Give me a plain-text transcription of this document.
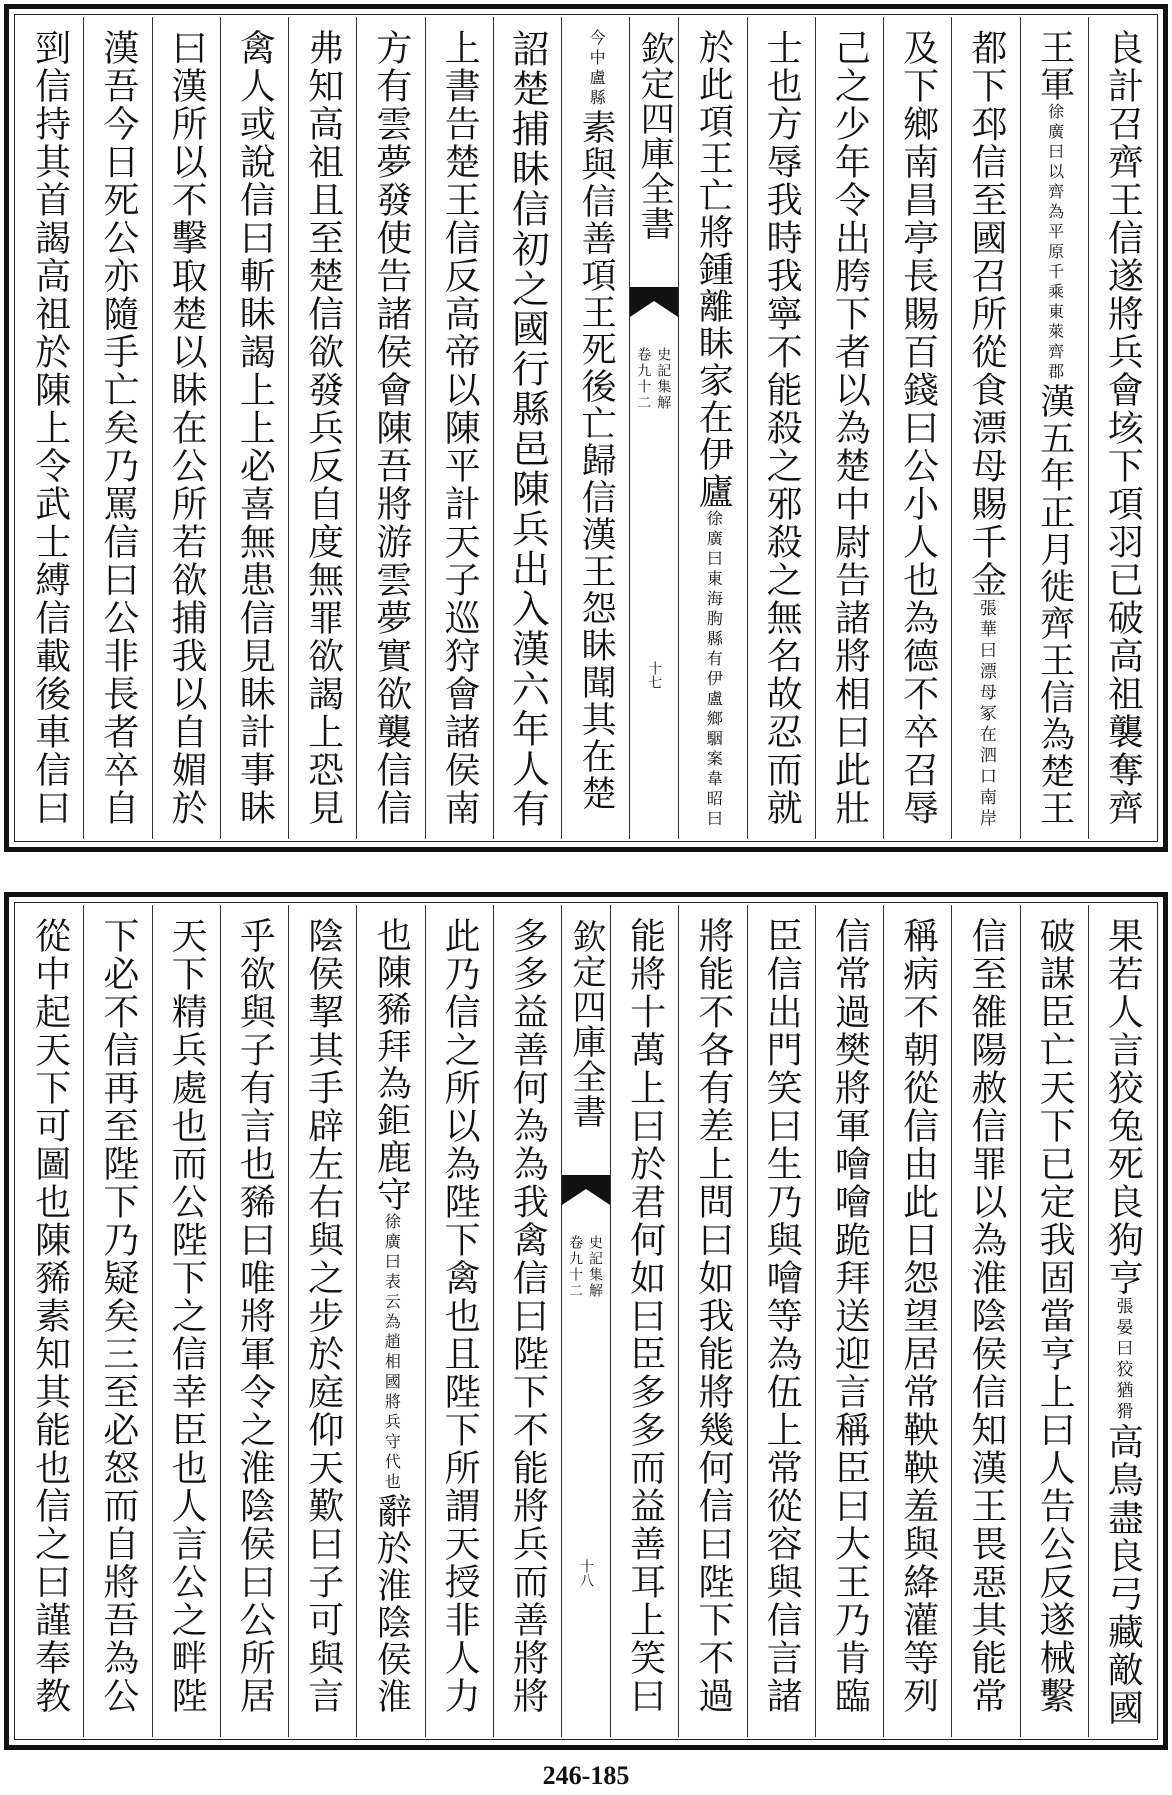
良計召齊王信遂將兵會垓下項羽已破高祖襲奪齊
王軍徐廣曰以齊為平原千乘東萊齊郡漢五年正月徙齊王信為楚王
都下邳信至國召所從食漂母賜千金張華曰漂母冢在泗口南岸
及下鄉南昌亭長賜百錢曰公小人也為德不卒召辱
己之少年令出胯下者以為楚中尉告諸將相曰此壯
士也方辱我時我寧不能殺之邪殺之無名故忍而就
於此項王亡將鍾離眛家在伊廬徐廣曰東海朐縣有伊盧鄉駰案韋昭曰
欽定四庫全書
史記集解
卷九十二
十七
今中盧縣素與信善項王死後亡歸信漢王怨眛聞其在楚
詔楚捕眛信初之國行縣邑陳兵出入漢六年人有
上書告楚王信反高帝以陳平計天子巡狩會諸侯南
方有雲夢發使告諸侯會陳吾將游雲夢實欲襲信信
弗知高祖且至楚信欲發兵反自度無罪欲謁上恐見
禽人或說信曰斬眛謁上上必喜無患信見眛計事眛
曰漢所以不擊取楚以眛在公所若欲捕我以自媚於
漢吾今日死公亦隨手亡矣乃罵信曰公非長者卒自
剄信持其首謁高祖於陳上令武士縛信載後車信曰
果若人言狡兔死良狗亨張晏曰狡猶猾高鳥盡良弓藏敵國
破謀臣亡天下已定我固當亨上曰人告公反遂械繫
信至雒陽赦信罪以為淮陰侯信知漢王畏惡其能常
稱病不朝從信由此日怨望居常鞅鞅羞與絳灌等列
信常過樊將軍噲噲跪拜送迎言稱臣曰大王乃肯臨
臣信出門笑曰生乃與噲等為伍上常從容與信言諸
將能不各有差上問曰如我能將幾何信曰陛下不過
能將十萬上曰於君何如曰臣多多而益善耳上笑曰
欽定四庫全書
史記集解
卷九十二
十八
多多益善何為為我禽信曰陛下不能將兵而善將將
此乃信之所以為陛下禽也且陛下所謂天授非人力
也陳豨拜為鉅鹿守徐廣曰表云為趙相國將兵守代也辭於淮陰侯淮
陰侯挈其手辟左右與之步於庭仰天歎曰子可與言
乎欲與子有言也豨曰唯將軍令之淮陰侯曰公所居
天下精兵處也而公陛下之信幸臣也人言公之畔陛
下必不信再至陛下乃疑矣三至必怒而自將吾為公
從中起天下可圖也陳豨素知其能也信之曰謹奉教
246-185
